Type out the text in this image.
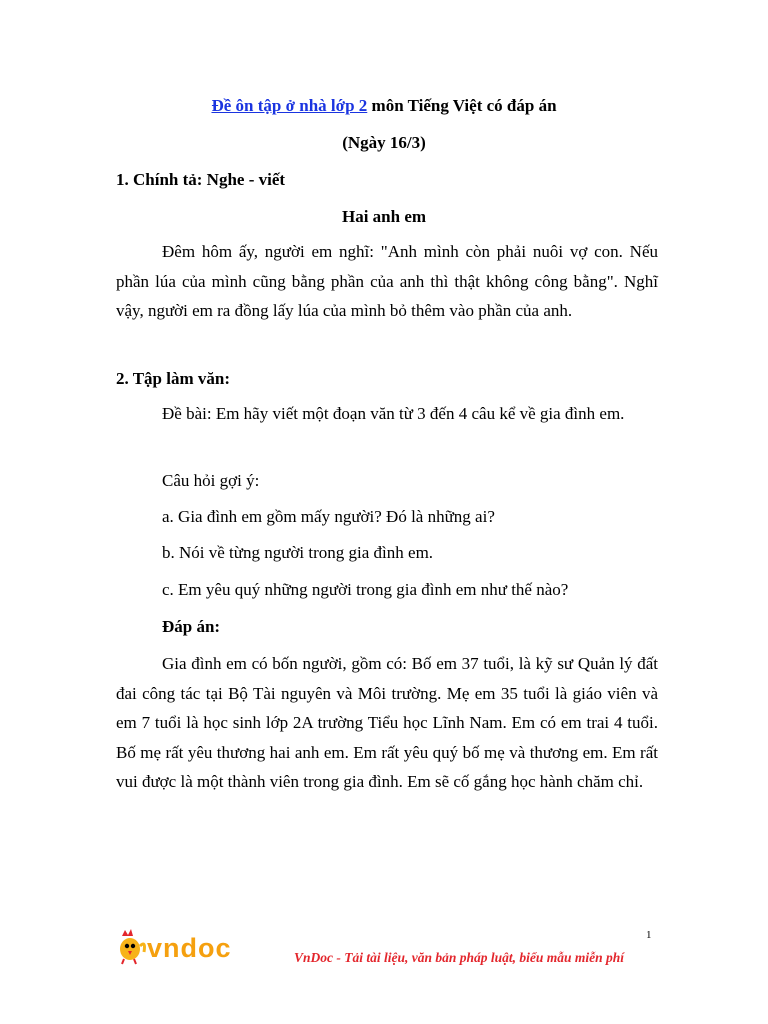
Đề ôn tập ở nhà lớp 2 môn Tiếng Việt có đáp án
(Ngày 16/3)
1. Chính tả: Nghe - viết
Hai anh em
Đêm hôm ấy, người em nghĩ: "Anh mình còn phải nuôi vợ con. Nếu phần lúa của mình cũng bằng phần của anh thì thật không công bằng". Nghĩ vậy, người em ra đồng lấy lúa của mình bỏ thêm vào phần của anh.
2. Tập làm văn:
Đề bài: Em hãy viết một đoạn văn từ 3 đến 4 câu kể về gia đình em.
Câu hỏi gợi ý:
a. Gia đình em gồm mấy người? Đó là những ai?
b. Nói về từng người trong gia đình em.
c. Em yêu quý những người trong gia đình em như thế nào?
Đáp án:
Gia đình em có bốn người, gồm có: Bố em 37 tuổi, là kỹ sư Quản lý đất đai công tác tại Bộ Tài nguyên và Môi trường. Mẹ em 35 tuổi là giáo viên và em 7 tuổi là học sinh lớp 2A trường Tiểu học Lĩnh Nam. Em có em trai 4 tuổi. Bố mẹ rất yêu thương hai anh em. Em rất yêu quý bố mẹ và thương em. Em rất vui được là một thành viên trong gia đình. Em sẽ cố gắng học hành chăm chỉ.
1
vndoc	VnDoc - Tải tài liệu, văn bản pháp luật, biểu mẫu miễn phí
